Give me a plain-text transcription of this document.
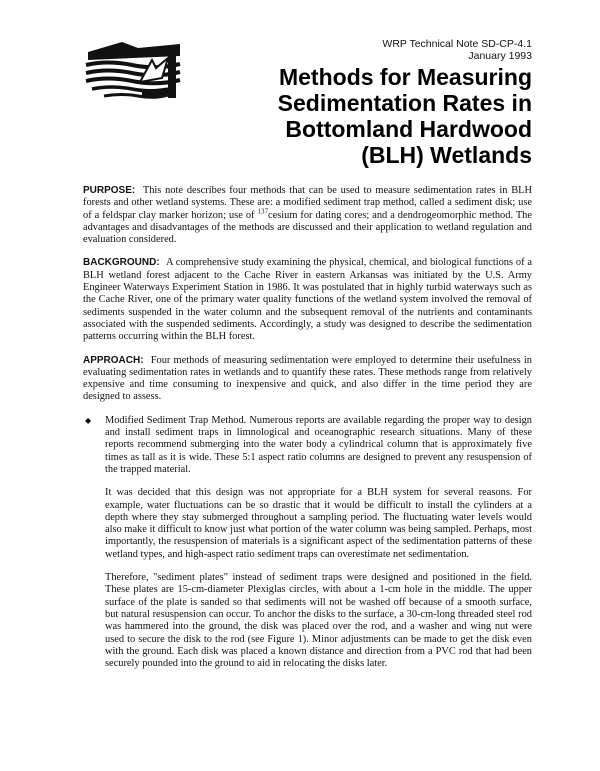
WRP Technical Note SD-CP-4.1
January 1993
Methods for Measuring
Sedimentation Rates in
Bottomland Hardwood
(BLH) Wetlands

PURPOSE: This note describes four methods that can be used to measure sedimentation rates in BLH forests and other wetland systems. These are: a modified sediment trap method, called a sediment disk; use of a feldspar clay marker horizon; use of $^{137}$cesium for dating cores; and a dendrogeomorphic method. The advantages and disadvantages of the methods are discussed and their application to wetland regulation and evaluation considered.

BACKGROUND: A comprehensive study examining the physical, chemical, and biological functions of a BLH wetland forest adjacent to the Cache River in eastern Arkansas was initiated by the U.S. Army Engineer Waterways Experiment Station in 1986. It was postulated that in highly turbid waterways such as the Cache River, one of the primary water quality functions of the wetland system involved the removal of sediments suspended in the water column and the subsequent removal of the nutrients and contaminants associated with the suspended sediments. Accordingly, a study was designed to describe the sedimentation patterns occurring within the BLH forest.

APPROACH: Four methods of measuring sedimentation were employed to determine their usefulness in evaluating sedimentation rates in wetlands and to quantify these rates. These methods range from relatively expensive and time consuming to inexpensive and quick, and also differ in the time period they are designed to assess.

◆ Modified Sediment Trap Method. Numerous reports are available regarding the proper way to design and install sediment traps in limnological and oceanographic research situations. Many of these reports recommend submerging into the water body a cylindrical column that is approximately five times as tall as it is wide. These 5:1 aspect ratio columns are designed to prevent any resuspension of the trapped material.

It was decided that this design was not appropriate for a BLH system for several reasons. For example, water fluctuations can be so drastic that it would be difficult to install the cylinders at a depth where they stay submerged throughout a sampling period. The fluctuating water levels would also make it difficult to know just what portion of the water column was being sampled. Perhaps, most importantly, the resuspension of materials is a significant aspect of the sedimentation patterns of these wetland types, and high-aspect ratio sediment traps can overestimate net sedimentation.

Therefore, "sediment plates" instead of sediment traps were designed and positioned in the field. These plates are 15-cm-diameter Plexiglas circles, with about a 1-cm hole in the middle. The upper surface of the plate is sanded so that sediments will not be washed off because of a smooth surface, but natural resuspension can occur. To anchor the disks to the surface, a 30-cm-long threaded steel rod was hammered into the ground, the disk was placed over the rod, and a washer and wing nut were used to secure the disk to the rod (see Figure 1). Minor adjustments can be made to get the disk even with the ground. Each disk was placed a known distance and direction from a PVC rod that had been securely pounded into the ground to aid in relocating the disks later.
